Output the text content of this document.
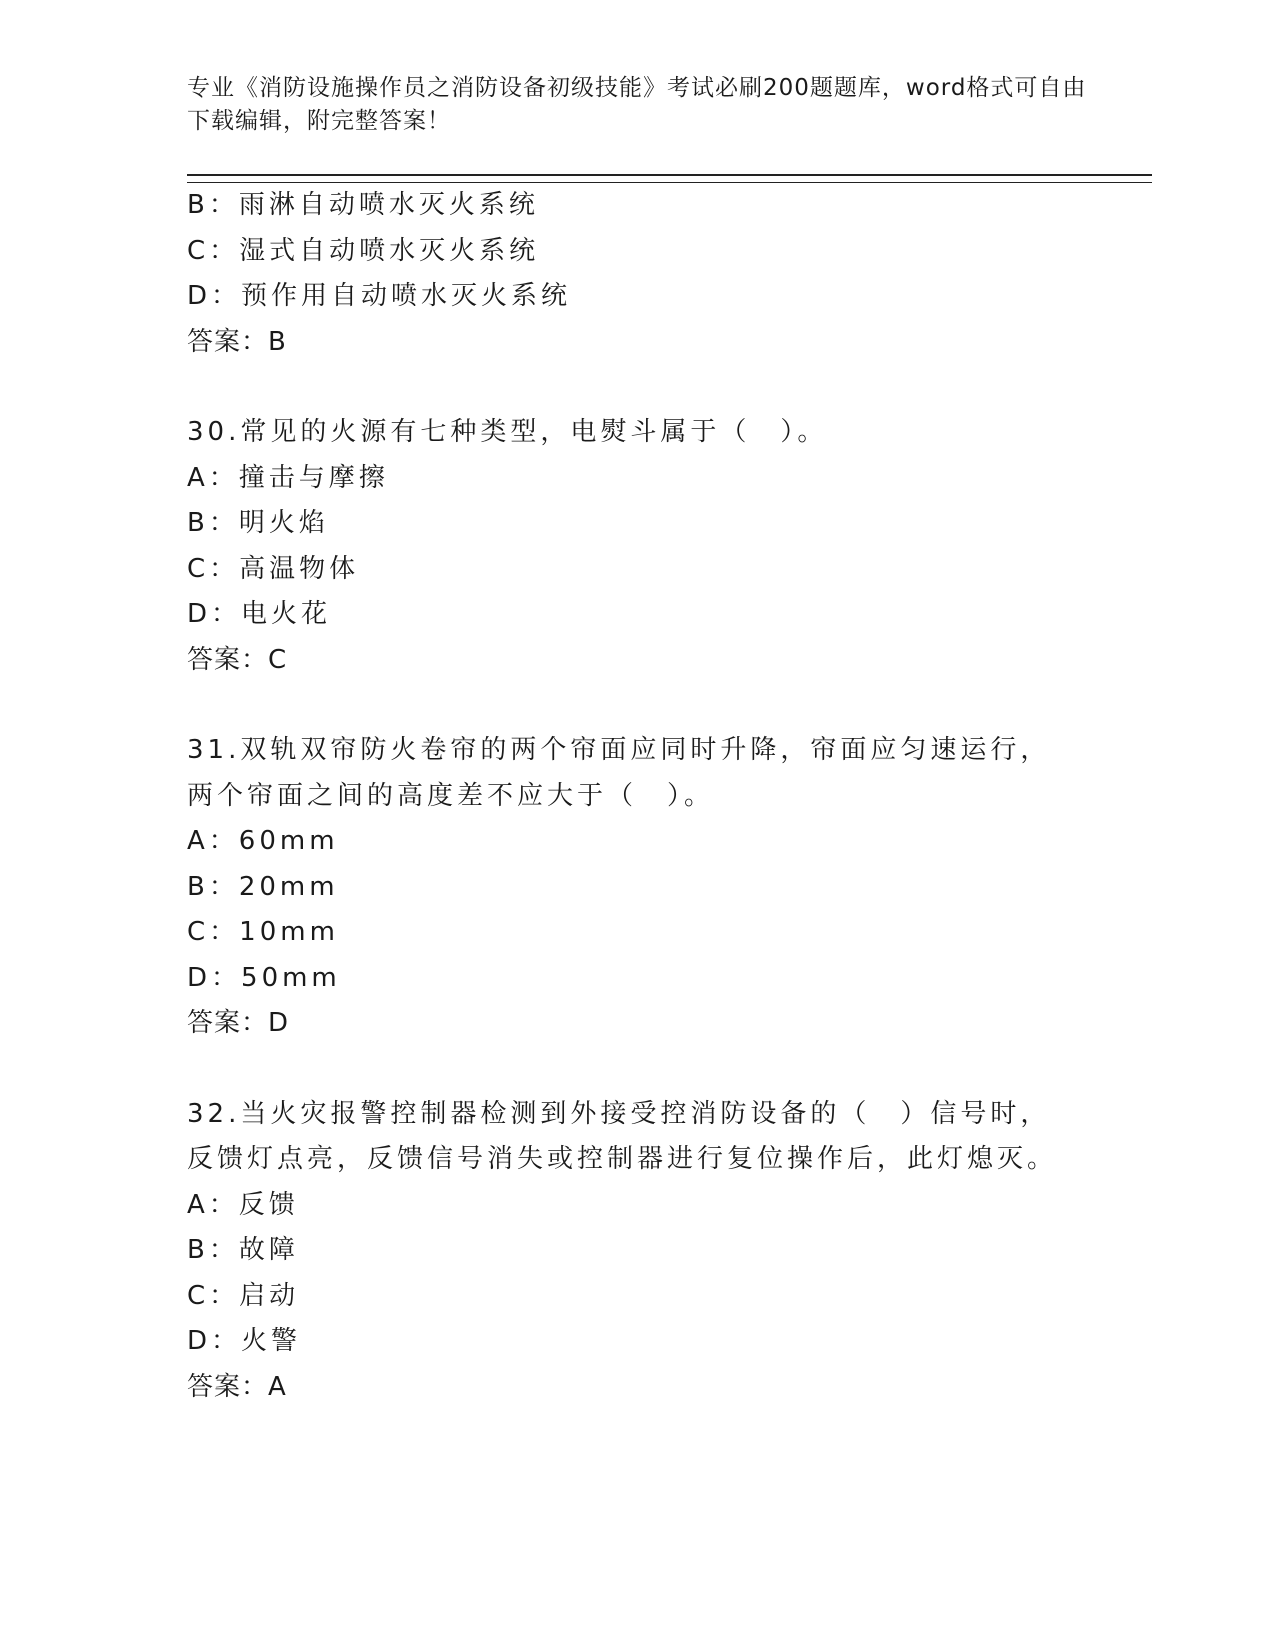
专业《消防设施操作员之消防设备初级技能》考试必刷200题题库，word格式可自由下载编辑，附完整答案！

B：雨淋自动喷水灭火系统
C：湿式自动喷水灭火系统
D：预作用自动喷水灭火系统
答案：B
30.常见的火源有七种类型，电熨斗属于（　）。
A：撞击与摩擦
B：明火焰
C：高温物体
D：电火花
答案：C
31.双轨双帘防火卷帘的两个帘面应同时升降，帘面应匀速运行，两个帘面之间的高度差不应大于（　）。
A：60mm
B：20mm
C：10mm
D：50mm
答案：D
32.当火灾报警控制器检测到外接受控消防设备的（　）信号时，反馈灯点亮，反馈信号消失或控制器进行复位操作后，此灯熄灭。
A：反馈
B：故障
C：启动
D：火警
答案：A
